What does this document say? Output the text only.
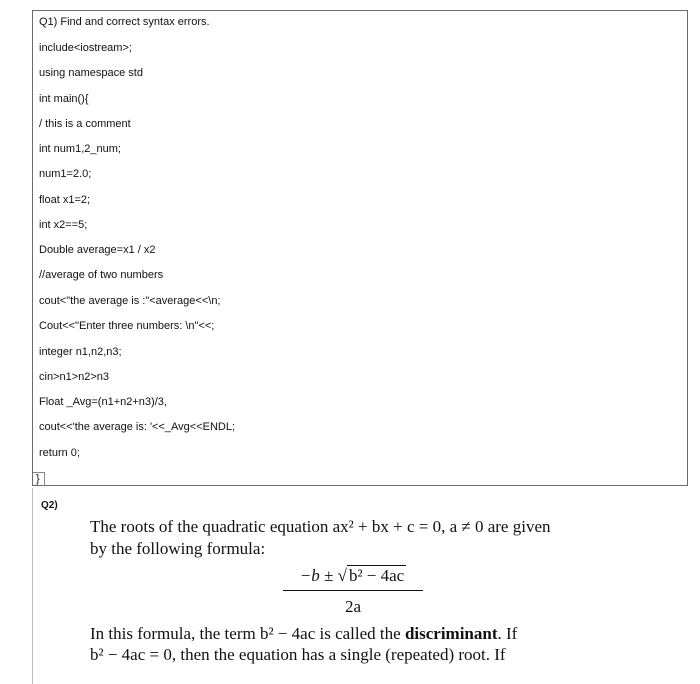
Q1) Find and correct syntax errors.
include<iostream>;
using namespace std
int main(){
/ this is a comment
int num1,2_num;
num1=2.0;
float x1=2;
int x2==5;
Double average=x1 / x2
//average of two numbers
cout<"the average is :"<average<<\n;
Cout<<"Enter three numbers: \n"<<;
integer n1,n2,n3;
cin>n1>n2>n3
Float _Avg=(n1+n2+n3)/3,
cout<<'the average is: '<<_Avg<<ENDL;
return 0;
}
Q2)
The roots of the quadratic equation ax² + bx + c = 0, a ≠ 0 are given
by the following formula:
$\frac{\text{−b ± √ b² − 4ac}}{2a}$
In this formula, the term b² − 4ac is called the discriminant. If
b² − 4ac = 0, then the equation has a single (repeated) root. If
